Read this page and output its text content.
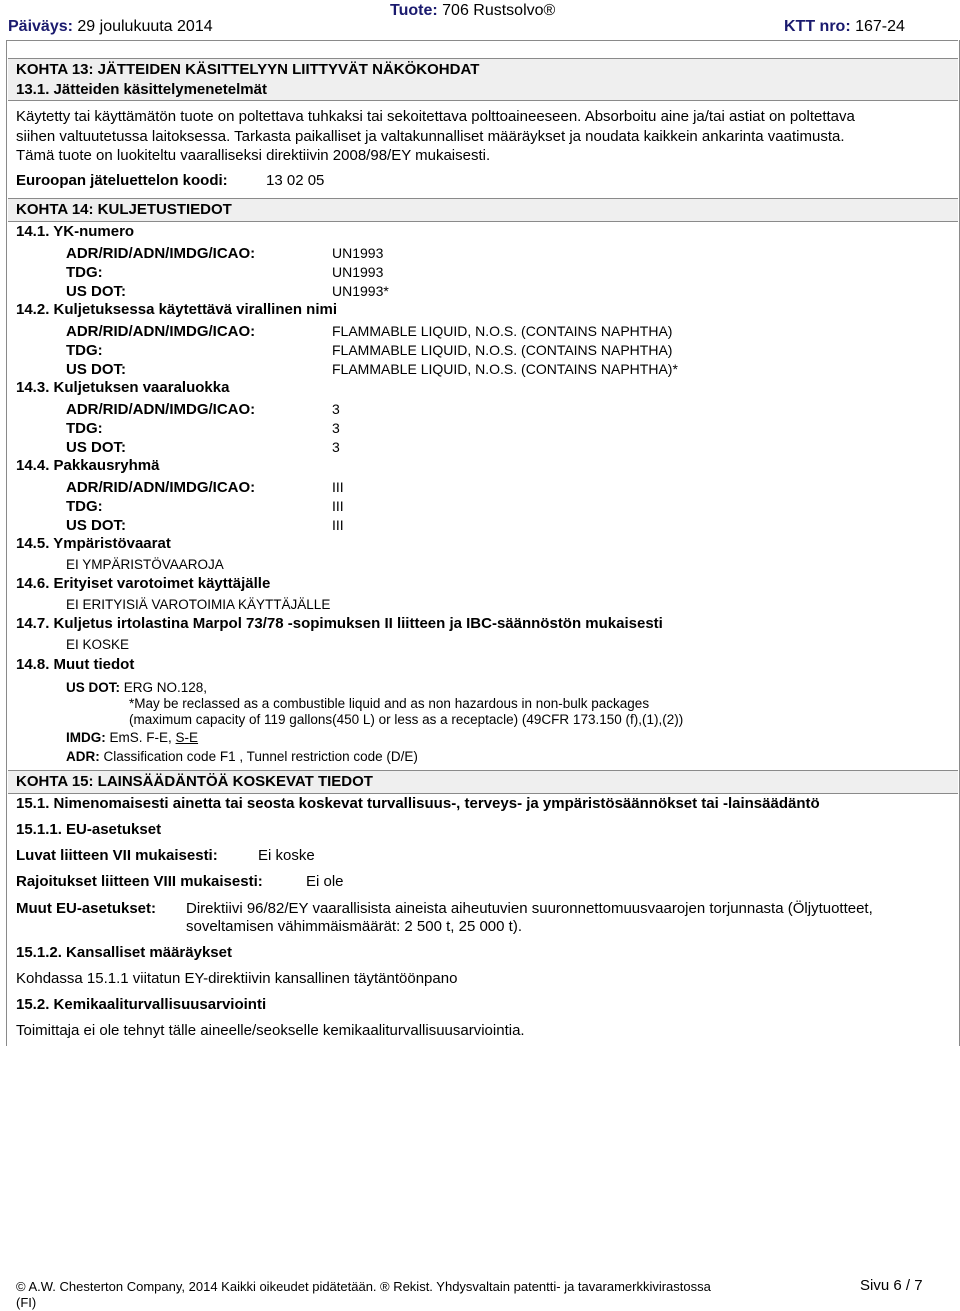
Päiväys: 29 joulukuuta 2014
Tuote: 706 Rustsolvo®
KTT nro: 167-24
KOHTA 13: JÄTTEIDEN KÄSITTELYYN LIITTYVÄT NÄKÖKOHDAT
13.1. Jätteiden käsittelymenetelmät
Käytetty tai käyttämätön tuote on poltettava tuhkaksi tai sekoitettava polttoaineeseen. Absorboitu aine ja/tai astiat on poltettava
siihen valtuutetussa laitoksessa. Tarkasta paikalliset ja valtakunnalliset määräykset ja noudata kaikkein ankarinta vaatimusta.
Tämä tuote on luokiteltu vaaralliseksi direktiivin 2008/98/EY mukaisesti.
Euroopan jäteluettelon koodi:	13 02 05
KOHTA 14: KULJETUSTIEDOT
14.1. YK-numero
ADR/RID/ADN/IMDG/ICAO:	UN1993
TDG:	UN1993
US DOT:	UN1993*
14.2. Kuljetuksessa käytettävä virallinen nimi
ADR/RID/ADN/IMDG/ICAO:	FLAMMABLE LIQUID, N.O.S. (CONTAINS NAPHTHA)
TDG:	FLAMMABLE LIQUID, N.O.S. (CONTAINS NAPHTHA)
US DOT:	FLAMMABLE LIQUID, N.O.S. (CONTAINS NAPHTHA)*
14.3. Kuljetuksen vaaraluokka
ADR/RID/ADN/IMDG/ICAO:	3
TDG:	3
US DOT:	3
14.4. Pakkausryhmä
ADR/RID/ADN/IMDG/ICAO:	III
TDG:	III
US DOT:	III
14.5. Ympäristövaarat
EI YMPÄRISTÖVAAROJA
14.6. Erityiset varotoimet käyttäjälle
EI ERITYISIÄ VAROTOIMIA KÄYTTÄJÄLLE
14.7. Kuljetus irtolastina Marpol 73/78 -sopimuksen II liitteen ja IBC-säännöstön mukaisesti
EI KOSKE
14.8. Muut tiedot
US DOT: ERG NO.128,
*May be reclassed as a combustible liquid and as non hazardous in non-bulk packages
(maximum capacity of 119 gallons(450 L) or less as a receptacle) (49CFR 173.150 (f),(1),(2))
IMDG: EmS. F-E, S-E
ADR: Classification code F1 , Tunnel restriction code (D/E)
KOHTA 15: LAINSÄÄDÄNTÖÄ KOSKEVAT TIEDOT
15.1. Nimenomaisesti ainetta tai seosta koskevat turvallisuus-, terveys- ja ympäristösäännökset tai -lainsäädäntö
15.1.1. EU-asetukset
Luvat liitteen VII mukaisesti:	Ei koske
Rajoitukset liitteen VIII mukaisesti:	Ei ole
Muut EU-asetukset: Direktiivi 96/82/EY vaarallisista aineista aiheutuvien suuronnettomuusvaarojen torjunnasta (Öljytuotteet,
soveltamisen vähimmäismäärät: 2 500 t, 25 000 t).
15.1.2. Kansalliset määräykset
Kohdassa 15.1.1 viitatun EY-direktiivin kansallinen täytäntöönpano
15.2. Kemikaaliturvallisuusarviointi
Toimittaja ei ole tehnyt tälle aineelle/seokselle kemikaaliturvallisuusarviointia.
© A.W. Chesterton Company, 2014 Kaikki oikeudet pidätetään. ® Rekist. Yhdysvaltain patentti- ja tavaramerkkivirastossa
(FI)
Sivu 6 / 7
